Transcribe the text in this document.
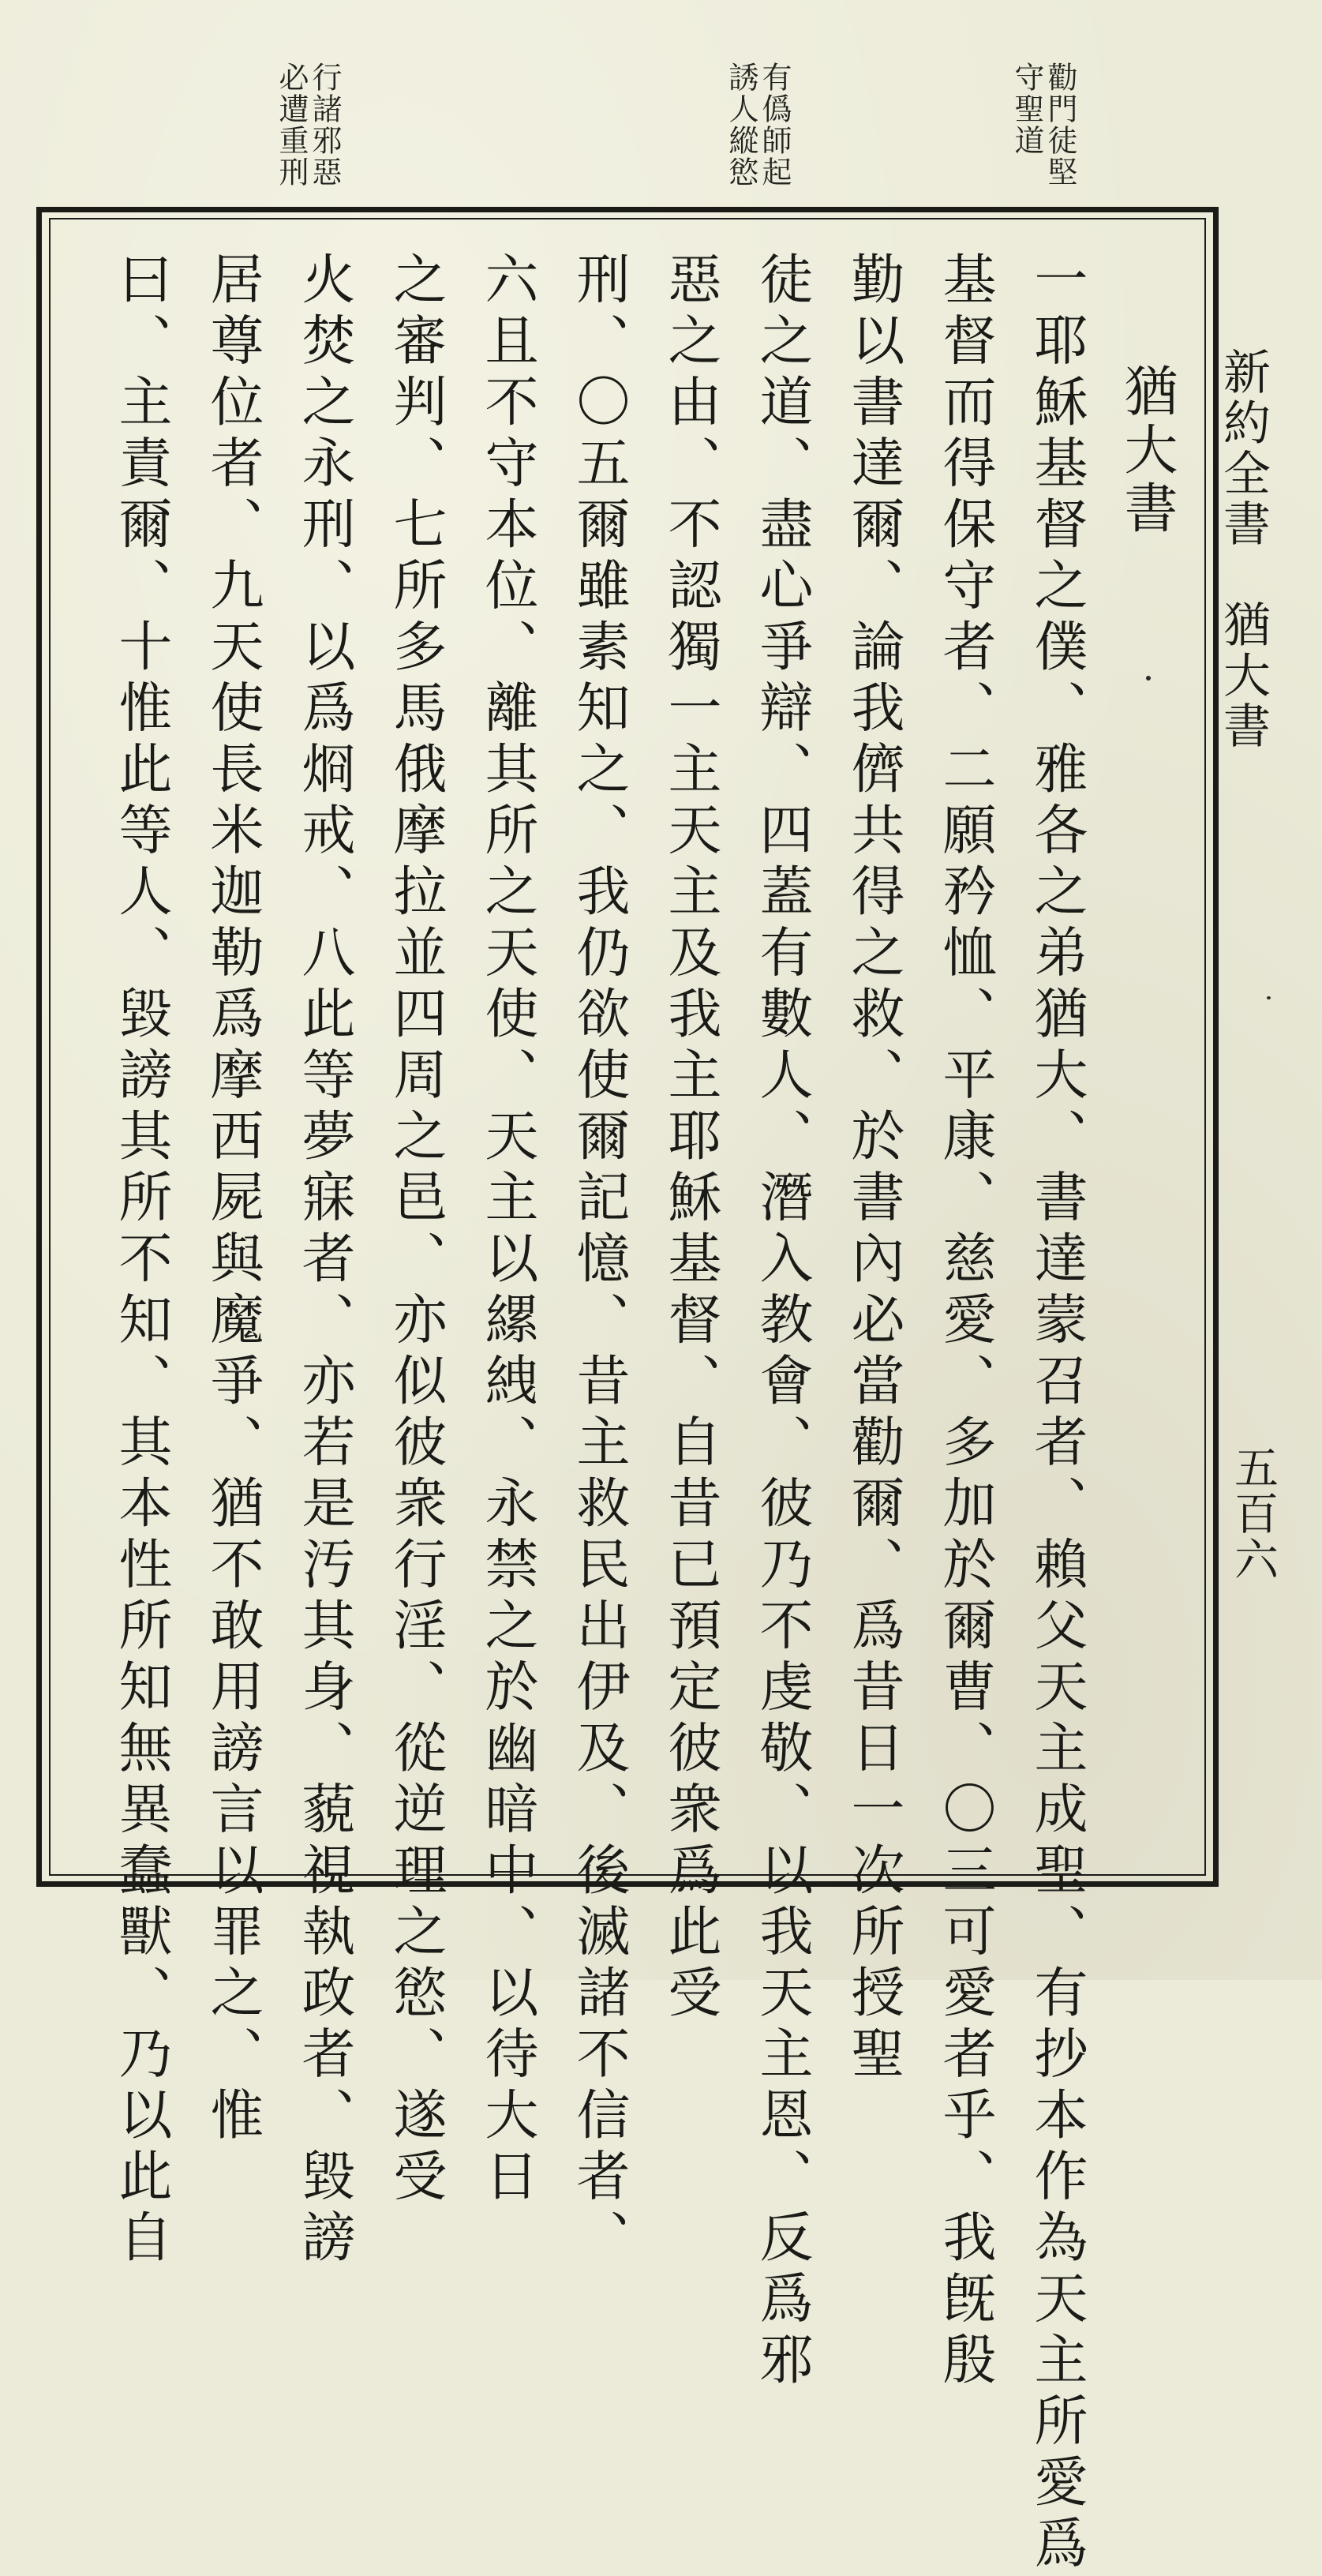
勸門徒堅
守聖道
有僞師起
誘人縱慾
行諸邪惡
必遭重刑
新約全書　猶大書
五百六
猶大書
一耶穌基督之僕、雅各之弟猶大、書達蒙召者、賴父天主成聖、有抄本作為天主所愛爲
基督而得保守者、二願矜恤、平康、慈愛、多加於爾曹、〇三可愛者乎、我旣殷
勤以書達爾、論我儕共得之救、於書內必當勸爾、爲昔日一次所授聖
徒之道、盡心爭辯、四蓋有數人、潛入教會、彼乃不虔敬、以我天主恩、反爲邪
惡之由、不認獨一主天主及我主耶穌基督、自昔已預定彼衆爲此受
刑、〇五爾雖素知之、我仍欲使爾記憶、昔主救民出伊及、後滅諸不信者、
六且不守本位、離其所之天使、天主以縲絏、永禁之於幽暗中、以待大日
之審判、七所多馬俄摩拉並四周之邑、亦似彼衆行淫、從逆理之慾、遂受
火焚之永刑、以爲烱戒、八此等夢寐者、亦若是汚其身、藐視執政者、毀謗
居尊位者、九天使長米迦勒爲摩西屍與魔爭、猶不敢用謗言以罪之、惟
曰、主責爾、十惟此等人、毀謗其所不知、其本性所知無異蠢獸、乃以此自
